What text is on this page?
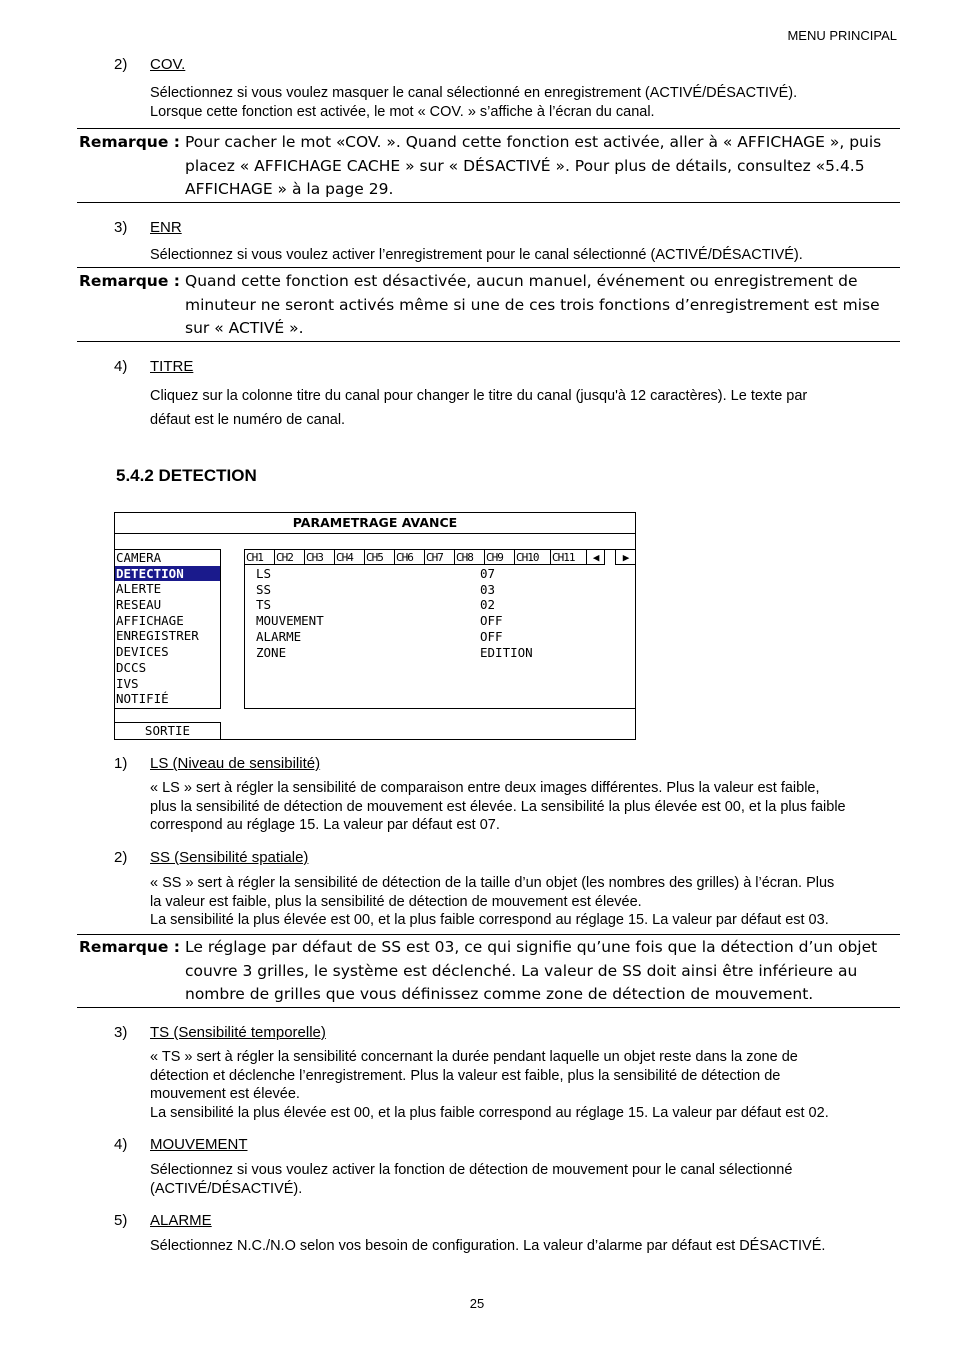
MENU PRINCIPAL
2) COV.
Sélectionnez si vous voulez masquer le canal sélectionné en enregistrement (ACTIVÉ/DÉSACTIVÉ).
Lorsque cette fonction est activée, le mot « COV. » s’affiche à l’écran du canal.
Remarque : Pour cacher le mot «COV. ». Quand cette fonction est activée, aller à « AFFICHAGE », puis
placez « AFFICHAGE CACHE » sur « DÉSACTIVÉ ». Pour plus de détails, consultez «5.4.5
AFFICHAGE » à la page 29.
3) ENR
Sélectionnez si vous voulez activer l’enregistrement pour le canal sélectionné (ACTIVÉ/DÉSACTIVÉ).
Remarque : Quand cette fonction est désactivée, aucun manuel, événement ou enregistrement de
minuteur ne seront activés même si une de ces trois fonctions d’enregistrement est mise
sur « ACTIVÉ ».
4) TITRE
Cliquez sur la colonne titre du canal pour changer le titre du canal (jusqu'à 12 caractères). Le texte par
défaut est le numéro de canal.
5.4.2 DETECTION
PARAMETRAGE AVANCE
CAMERA
DETECTION
ALERTE
RESEAU
AFFICHAGE
ENREGISTRER
DEVICES
DCCS
IVS
NOTIFIÉ
SORTIE
CH1	CH2	CH3	CH4	CH5	CH6	CH7	CH8	CH9	CH10	CH11	◀	▶
LS	07
SS	03
TS	02
MOUVEMENT	OFF
ALARME	OFF
ZONE	EDITION
1) LS (Niveau de sensibilité)
« LS » sert à régler la sensibilité de comparaison entre deux images différentes. Plus la valeur est faible,
plus la sensibilité de détection de mouvement est élevée. La sensibilité la plus élevée est 00, et la plus faible
correspond au réglage 15. La valeur par défaut est 07.
2) SS (Sensibilité spatiale)
« SS » sert à régler la sensibilité de détection de la taille d’un objet (les nombres des grilles) à l’écran. Plus
la valeur est faible, plus la sensibilité de détection de mouvement est élevée.
La sensibilité la plus élevée est 00, et la plus faible correspond au réglage 15. La valeur par défaut est 03.
Remarque : Le réglage par défaut de SS est 03, ce qui signifie qu’une fois que la détection d’un objet
couvre 3 grilles, le système est déclenché. La valeur de SS doit ainsi être inférieure au
nombre de grilles que vous définissez comme zone de détection de mouvement.
3) TS (Sensibilité temporelle)
« TS » sert à régler la sensibilité concernant la durée pendant laquelle un objet reste dans la zone de
détection et déclenche l’enregistrement. Plus la valeur est faible, plus la sensibilité de détection de
mouvement est élevée.
La sensibilité la plus élevée est 00, et la plus faible correspond au réglage 15. La valeur par défaut est 02.
4) MOUVEMENT
Sélectionnez si vous voulez activer la fonction de détection de mouvement pour le canal sélectionné
(ACTIVÉ/DÉSACTIVÉ).
5) ALARME
Sélectionnez N.C./N.O selon vos besoin de configuration. La valeur d’alarme par défaut est DÉSACTIVÉ.
25
